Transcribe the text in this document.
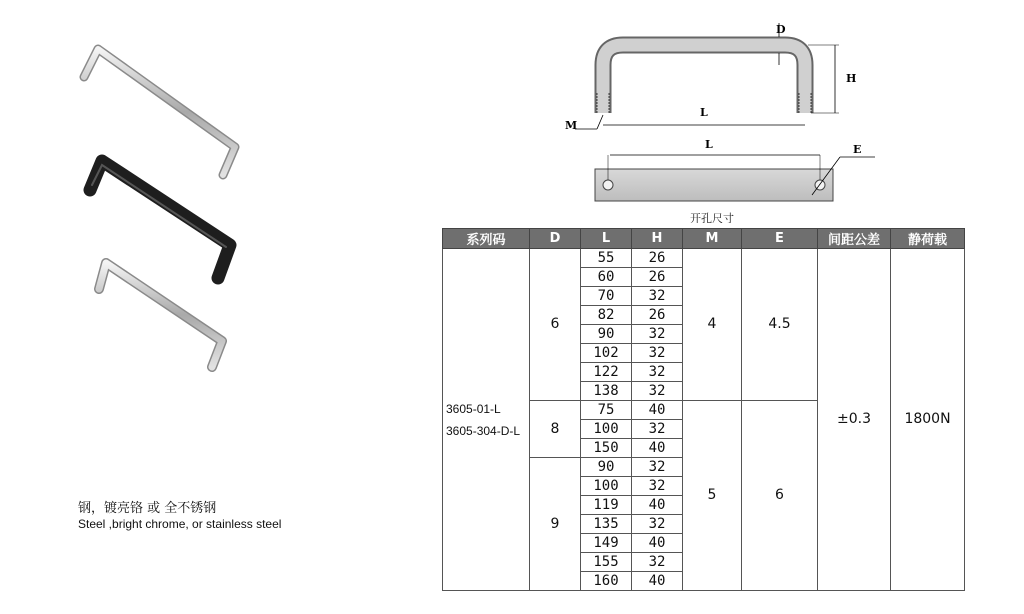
钢，镀亮铬 或 全不锈钢
Steel ,bright chrome, or stainless steel
D
H
L
M
L	E
开孔尺寸
系列码	D	L	H	M	E	间距公差	静荷载

3605-01-L
3605-304-D-L	6	55	26	4	4.5	±0.3	1800N
		60	26				
		70	32				
		82	26				
		90	32				
		102	32				
		122	32				
		138	32				
	8	75	40	5	6		
		100	32				
		150	40				
	9	90	32				
		100	32				
		119	40				
		135	32				
		149	40				
		155	32				
		160	40				
